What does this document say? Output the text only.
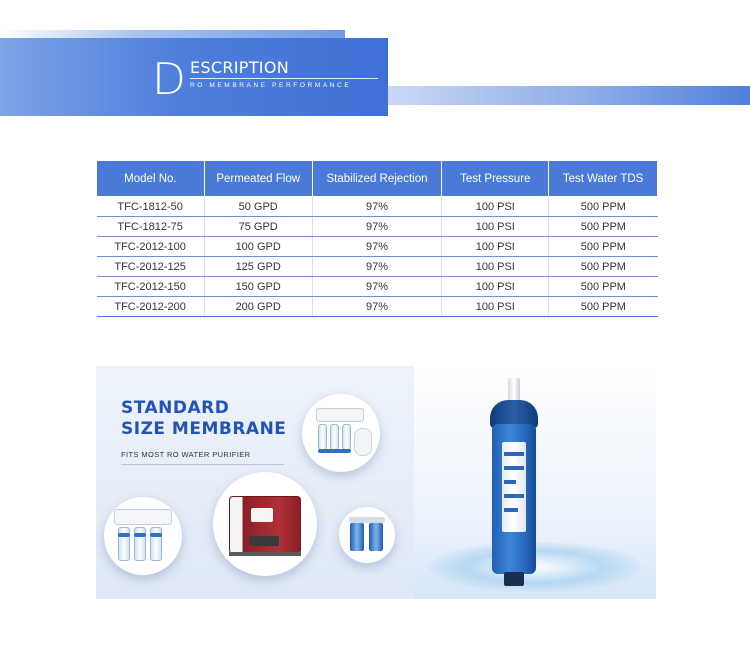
D ESCRIPTION
RO MEMBRANE PERFORMANCE
Model No.	Permeated Flow	Stabilized Rejection	Test Pressure	Test Water TDS
TFC-1812-50	50 GPD	97%	100 PSI	500 PPM
TFC-1812-75	75 GPD	97%	100 PSI	500 PPM
TFC-2012-100	100 GPD	97%	100 PSI	500 PPM
TFC-2012-125	125 GPD	97%	100 PSI	500 PPM
TFC-2012-150	150 GPD	97%	100 PSI	500 PPM
TFC-2012-200	200 GPD	97%	100 PSI	500 PPM
STANDARD
SIZE MEMBRANE
FITS MOST RO WATER PURIFIER
